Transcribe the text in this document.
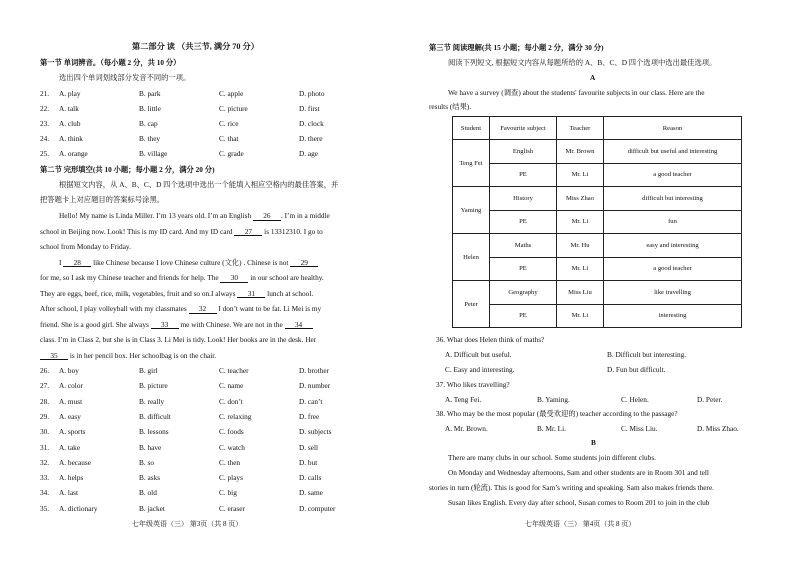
第二部分 读 （共三节, 满分 70 分）
第一节 单词辨音。（每小题 2 分，共 10 分）
选出四个单词划线部分发音不同的一项。
21. A. play	B. park	C. apple	D. photo
22. A. talk	B. little	C. picture	D. first
23. A. club	B. cap	C. rice	D. clock
24. A. think	B. they	C. that	D. there
25. A. orange	B. village	C. grade	D. age
第二节 完形填空(共 10 小题；每小题 2 分，满分 20 分)
根据短文内容，从 A、B、C、D 四个选项中选出一个能填入相应空格内的最佳答案，并
把答题卡上对应题目的答案标号涂黑。
Hello! My name is Linda Miller. I’m 13 years old. I’m an English 26 . I’m in a middle
school in Beijing now. Look! This is my ID card. And my ID card 27 is 13312310. I go to
school from Monday to Friday.
I 28 like Chinese because I love Chinese culture (文化) . Chinese is not 29
for me, so I ask my Chinese teacher and friends for help. The 30 in our school are healthy.
They are eggs, beef, rice, milk, vegetables, fruit and so on.I always 31 lunch at school.
After school, I play volleyball with my classmates 32 I don’t want to be fat. Li Mei is my
friend. She is a good girl. She always 33 me with Chinese. We are not in the 34
class. I’m in Class 2, but she is in Class 3. Li Mei is tidy. Look! Her books are in the desk. Her
35 is in her pencil box. Her schoolbag is on the chair.
26. A. boy	B. girl	C. teacher	D. brother
27. A. color	B. picture	C. name	D. number
28. A. must	B. really	C. don’t	D. can’t
29. A. easy	B. difficult	C. relaxing	D. free
30. A. sports	B. lessons	C. foods	D. subjects
31. A. take	B. have	C. watch	D. sell
32. A. because	B. so	C. then	D. but
33. A. helps	B. asks	C. plays	D. calls
34. A. last	B. old	C. big	D. same
35. A. dictionary	B. jacket	C. eraser	D. computer
七年级英语（三） 第3页（共 8 页）
第三节 阅读理解(共 15 小题；每小题 2 分，满分 30 分)
阅读下列短文, 根据短文内容从每题所给的 A、B、C、D 四个选项中选出最佳选项。
A
We have a survey (调查) about the students' favourite subjects in our class. Here are the
results (结果).
36. What does Helen think of maths?
A. Difficult but useful.	B. Difficult but interesting.
C. Easy and interesting.	D. Fun but difficult.
37. Who likes travelling?
A. Teng Fei.	B. Yaming.	C. Helen.	D. Peter.
38. Who may be the most popular (最受欢迎的) teacher according to the passage?
A. Mr. Brown.	B. Mr. Li.	C. Miss Liu.	D. Miss Zhao.
B
There are many clubs in our school. Some students join different clubs.
On Monday and Wednesday afternoons, Sam and other students are in Room 301 and tell
stories in turn (轮流). This is good for Sam’s writing and speaking. Sam also makes friends there.
Susan likes English. Every day after school, Susan comes to Room 201 to join in the club
七年级英语（三） 第4页（共 8 页）
Student	Favourite subject	Teacher	Reason
Teng Fei	English	Mr. Brown	difficult but useful and interesting
	PE	Mr. Li	a good teacher
Yaming	History	Miss Zhao	difficult but interesting
	PE	Mr. Li	fun
Helen	Maths	Mr. Hu	easy and interesting
	PE	Mr. Li	a good teacher
Peter	Geography	Miss Liu	like travelling
	PE	Mr. Li	interesting
